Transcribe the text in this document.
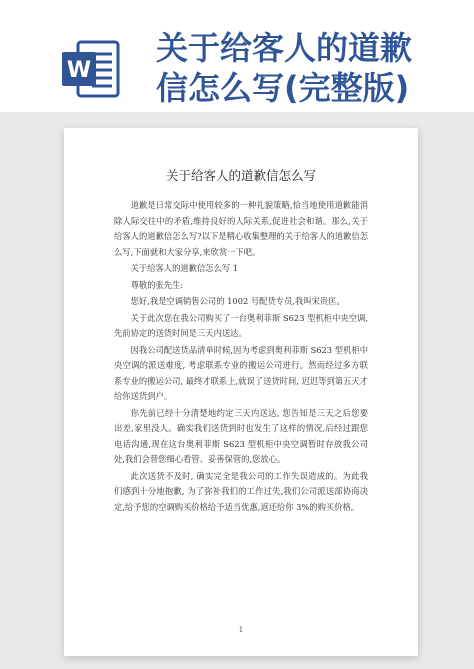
W
关于给客人的道歉
信怎么写(完整版)
关于给客人的道歉信怎么写

道歉是日常交际中使用较多的一种礼貌策略,恰当地使用道歉能消除人际交往中的矛盾,维持良好的人际关系,促进社会和谐。那么,关于给客人的道歉信怎么写?以下是精心收集整理的关于给客人的道歉信怎么写,下面就和大家分享,来欣赏一下吧。

关于给客人的道歉信怎么写 1

尊敬的张先生:

您好,我是空调销售公司的 1002 号配货专员,我叫宋贵匡。

关于此次您在我公司购买了一台奥利菲斯 S623 型机柜中央空调,先前协定的送货时间是三天内送达。

因我公司配送货品清单时候,因为考虑到奥利菲斯 S623 型机柜中央空调的派送难度, 考虑联系专业的搬运公司进行。然而经过多方联系专业的搬运公司, 最终才联系上,就误了送货时间, 迟迟等到第五天才给你送货到户。

你先前已经十分清楚地约定三天内送达, 您告知是三天之后您要出差,家里没人。确实我们送货到时也发生了这样的情况,后经过跟您电话沟通,现在这台奥利菲斯 S623 型机柜中央空调暂时存放我公司处,我们会替您细心看管、妥善保管的,您放心。

此次送货不及时, 确实完全是我公司的工作失误造成的。为此我们感到十分地抱歉, 为了弥补我们的工作过失,我们公司派送部协商决定,给予您的空调购买价格给予适当优惠,返还给你 3%的购买价格。

1
